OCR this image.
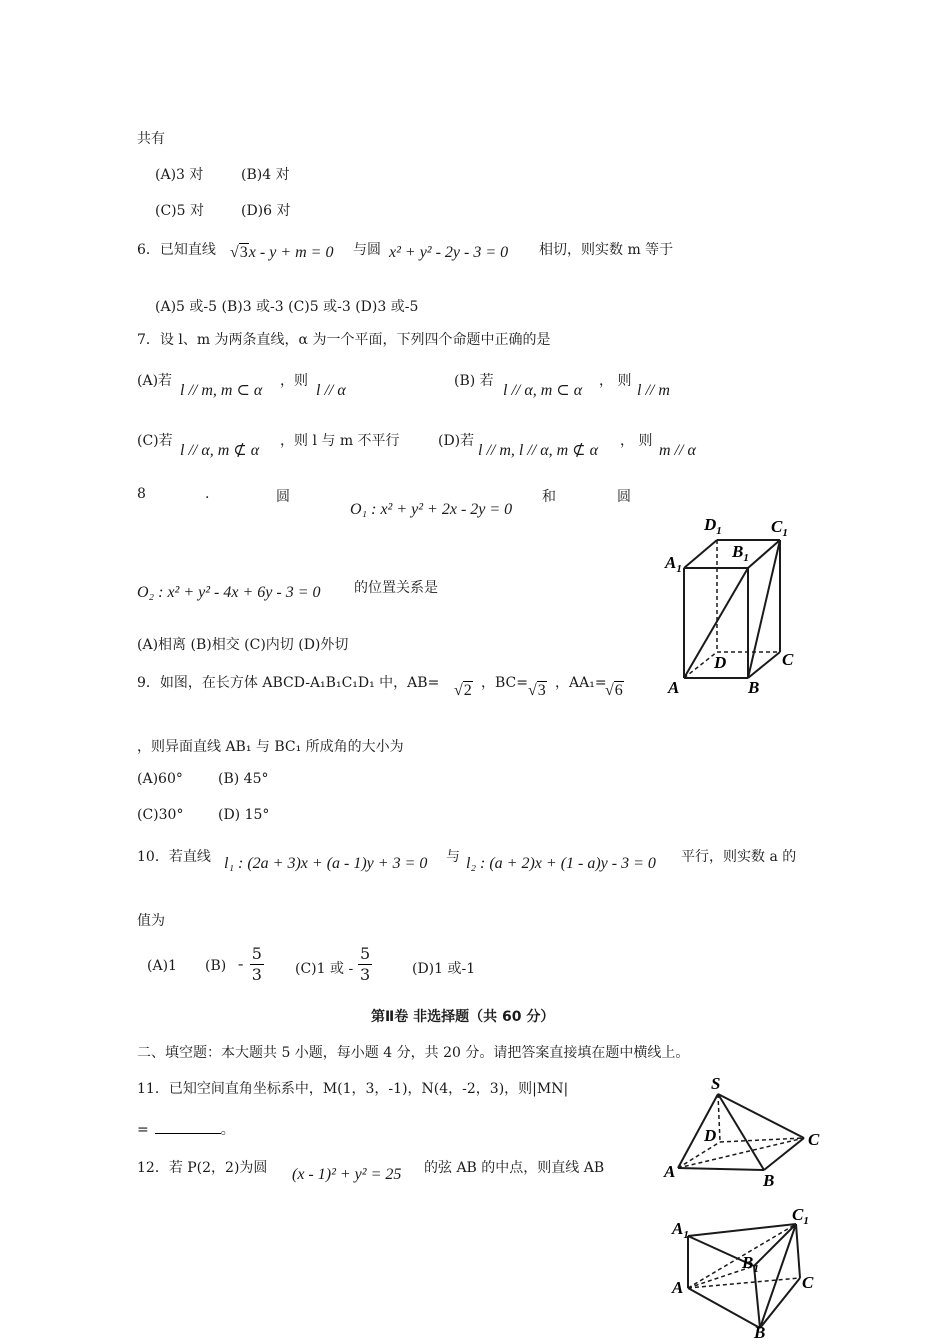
共有
(A)3 对	(B)4 对
(C)5 对	(D)6 对
6．已知直线 √3x - y + m = 0 与圆 x² + y² - 2y - 3 = 0 相切，则实数 m 等于
(A)5 或-5 (B)3 或-3 (C)5 或-3 (D)3 或-5
7．设 l、m 为两条直线，α 为一个平面，下列四个命题中正确的是
(A)若
l // m, m ⊂ α
，则
l // α
(B) 若
l // α, m ⊂ α
， 则
l // m
(C)若
l // α, m ⊄ α
，则 l 与 m 不平行	(D)若
l // m, l // α, m ⊄ α
， 则
m // α
8	.	圆
O₁ : x² + y² + 2x - 2y = 0
和	圆
O₂ : x² + y² - 4x + 6y - 3 = 0 的位置关系是
(A)相离 (B)相交 (C)内切 (D)外切
9．如图，在长方体 ABCD-A₁B₁C₁D₁ 中，AB= √2 ，BC= √3 ，AA₁=
√6
，则异面直线 AB₁ 与 BC₁ 所成角的大小为
(A)60°	(B) 45°
(C)30° (D) 15°
10．若直线 l₁ : (2a + 3)x + (a - 1)y + 3 = 0 与 l₂ : (a + 2)x + (1 - a)y - 3 = 0 平行，则实数 a 的
值为
(A)1 $(B) - \frac{5}{3} (C)1$ 或 - $\frac{5}{3}$	(D)1 或-1
第Ⅱ卷 非选择题（共 60 分）
二、填空题：本大题共 5 小题，每小题 4 分，共 20 分。请把答案直接填在题中横线上。
11．已知空间直角坐标系中，M(1，3，-1)，N(4，-2，3)，则|MN|
=	。
12．若 P(2，2)为圆 (x - 1)² + y² = 25 的弦 AB 的中点，则直线 AB
$D_1$	$C_1$
$A_1$
$B_1$
D	C
A	B
S
D	C
A	B
$A_1$
$C_1$
$B_1$
A	C
B
